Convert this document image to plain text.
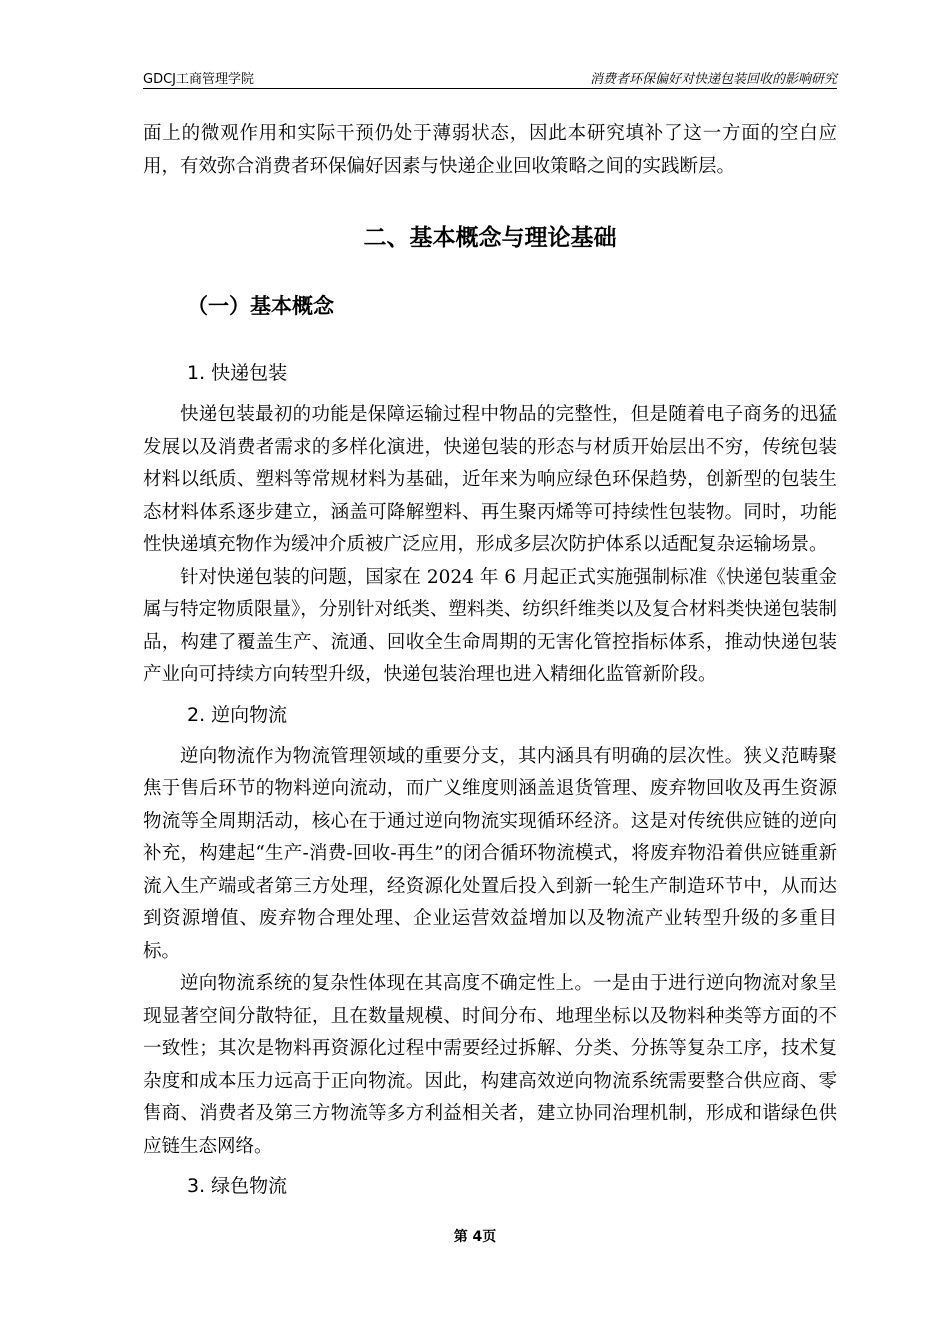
GDCJ工商管理学院	消费者环保偏好对快递包装回收的影响研究

面上的微观作用和实际干预仍处于薄弱状态，因此本研究填补了这一方面的空白应用，有效弥合消费者环保偏好因素与快递企业回收策略之间的实践断层。

二、基本概念与理论基础
（一）基本概念
1. 快递包装

快递包装最初的功能是保障运输过程中物品的完整性，但是随着电子商务的迅猛发展以及消费者需求的多样化演进，快递包装的形态与材质开始层出不穷，传统包装材料以纸质、塑料等常规材料为基础，近年来为响应绿色环保趋势，创新型的包装生态材料体系逐步建立，涵盖可降解塑料、再生聚丙烯等可持续性包装物。同时，功能性快递填充物作为缓冲介质被广泛应用，形成多层次防护体系以适配复杂运输场景。

针对快递包装的问题，国家在 2024 年 6 月起正式实施强制标准《快递包装重金属与特定物质限量》，分别针对纸类、塑料类、纺织纤维类以及复合材料类快递包装制品，构建了覆盖生产、流通、回收全生命周期的无害化管控指标体系，推动快递包装产业向可持续方向转型升级，快递包装治理也进入精细化监管新阶段。

2. 逆向物流

逆向物流作为物流管理领域的重要分支，其内涵具有明确的层次性。狭义范畴聚焦于售后环节的物料逆向流动，而广义维度则涵盖退货管理、废弃物回收及再生资源物流等全周期活动，核心在于通过逆向物流实现循环经济。这是对传统供应链的逆向补充，构建起“生产-消费-回收-再生”的闭合循环物流模式，将废弃物沿着供应链重新流入生产端或者第三方处理，经资源化处置后投入到新一轮生产制造环节中，从而达到资源增值、废弃物合理处理、企业运营效益增加以及物流产业转型升级的多重目标。

逆向物流系统的复杂性体现在其高度不确定性上。一是由于进行逆向物流对象呈现显著空间分散特征，且在数量规模、时间分布、地理坐标以及物料种类等方面的不一致性；其次是物料再资源化过程中需要经过拆解、分类、分拣等复杂工序，技术复杂度和成本压力远高于正向物流。因此，构建高效逆向物流系统需要整合供应商、零售商、消费者及第三方物流等多方利益相关者，建立协同治理机制，形成和谐绿色供应链生态网络。

3. 绿色物流
第 4页
